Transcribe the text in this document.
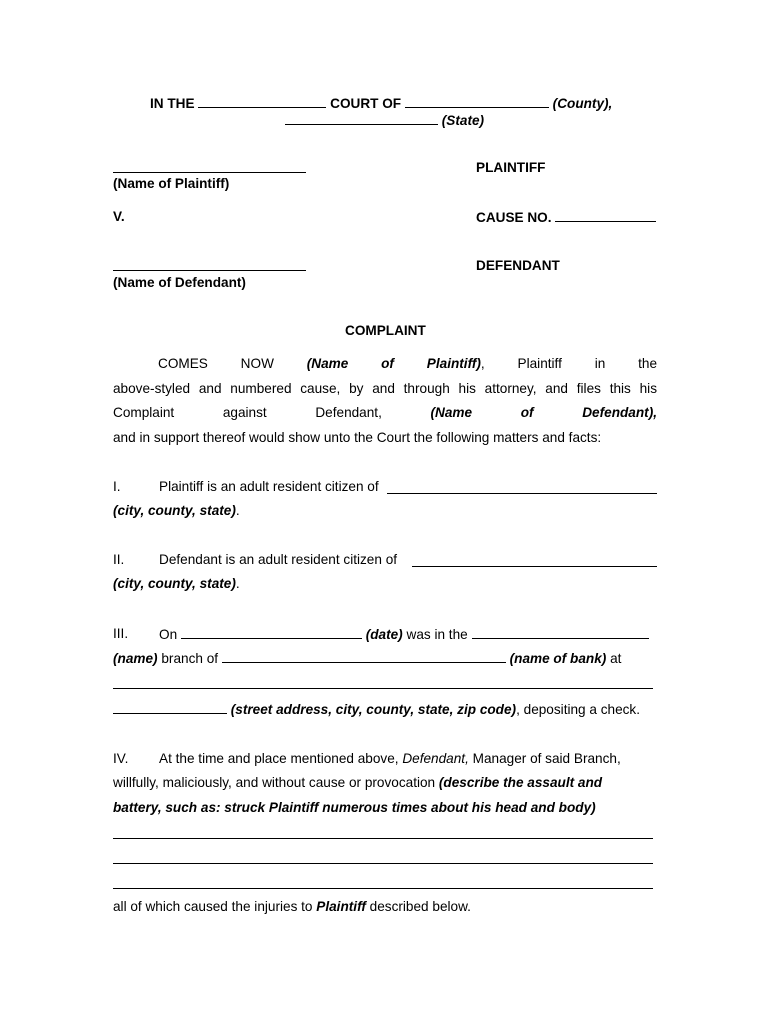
IN THE	COURT OF	(County),
(State)
(Name of Plaintiff)
PLAINTIFF
V.	CAUSE NO.
(Name of Defendant)
DEFENDANT
COMPLAINT
COMES NOW (Name of Plaintiff), Plaintiff in the
above-styled and numbered cause, by and through his attorney, and files this his
Complaint against Defendant,	(Name of Defendant),
and in support thereof would show unto the Court the following matters and facts:
I.	Plaintiff is an adult resident citizen of
(city, county, state).
II.	Defendant is an adult resident citizen of
(city, county, state).
III. On	(date) was in the
(name) branch of	(name of bank) at
(street address, city, county, state, zip code), depositing a check.
IV. At the time and place mentioned above, Defendant, Manager of said Branch,
willfully, maliciously, and without cause or provocation (describe the assault and
battery, such as: struck Plaintiff numerous times about his head and body)
all of which caused the injuries to Plaintiff described below.
